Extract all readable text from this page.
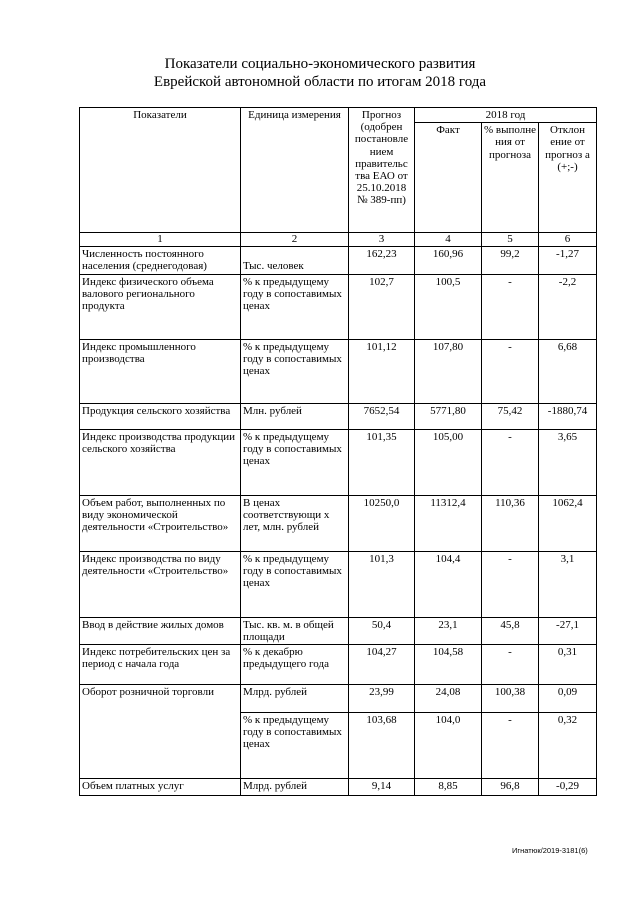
Показатели социально-экономического развития
Еврейской автономной области по итогам 2018 года
Показатели	Единица измерения	Прогноз (одобрен постановле нием правительс тва ЕАО от 25.10.2018 № 389-пп)	2018 год		
			Факт	% выполне ния от прогноза	Отклон ение от прогноз а (+;-)
1	2	3	4	5	6
Численность постоянного населения (среднегодовая)	Тыс. человек	162,23	160,96	99,2	-1,27
Индекс физического объема валового регионального продукта	% к предыдущему году в сопоставимых ценах	102,7	100,5	-	-2,2
Индекс промышленного производства	% к предыдущему году в сопоставимых ценах	101,12	107,80	-	6,68
Продукция сельского хозяйства	Млн. рублей	7652,54	5771,80	75,42	-1880,74
Индекс производства продукции сельского хозяйства	% к предыдущему году в сопоставимых ценах	101,35	105,00	-	3,65
Объем работ, выполненных по виду экономической деятельности «Строительство»	В ценах соответствующи х лет, млн. рублей	10250,0	11312,4	110,36	1062,4
Индекс производства по виду деятельности «Строительство»	% к предыдущему году в сопоставимых ценах	101,3	104,4	-	3,1
Ввод в действие жилых домов	Тыс. кв. м. в общей площади	50,4	23,1	45,8	-27,1
Индекс потребительских цен за период с начала года	% к декабрю предыдущего года	104,27	104,58	-	0,31
Оборот розничной торговли	Млрд. рублей	23,99	24,08	100,38	0,09
	% к предыдущему году в сопоставимых ценах	103,68	104,0	-	0,32
Объем платных услуг	Млрд. рублей	9,14	8,85	96,8	-0,29
Игнатюк/2019-3181(6)
